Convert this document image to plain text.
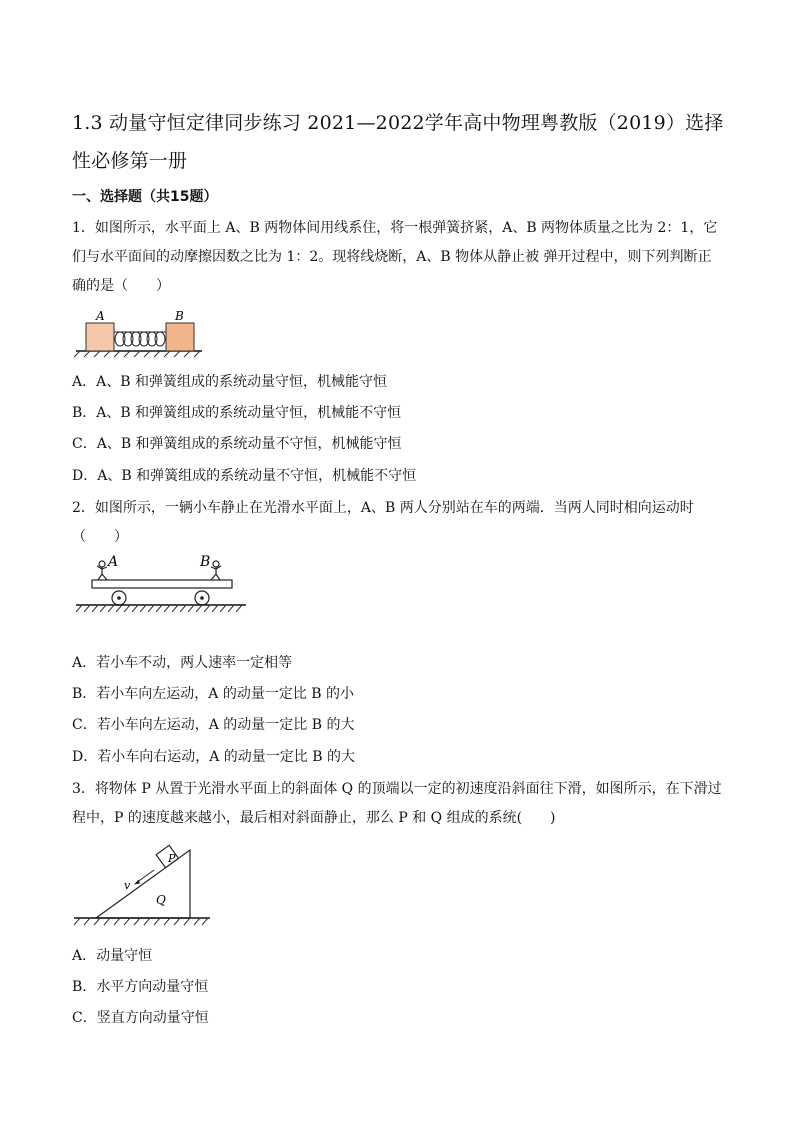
1.3 动量守恒定律同步练习 2021—2022学年高中物理粤教版（2019）选择性必修第一册
一、选择题（共15题）
1．如图所示，水平面上 A、B 两物体间用线系住，将一根弹簧挤紧，A、B 两物体质量之比为 2：1，它们与水平面间的动摩擦因数之比为 1：2。现将线烧断，A、B 物体从静止被 弹开过程中，则下列判断正确的是（　　）
A	B
A．A、B 和弹簧组成的系统动量守恒，机械能守恒
B．A、B 和弹簧组成的系统动量守恒，机械能不守恒
C．A、B 和弹簧组成的系统动量不守恒，机械能守恒
D．A、B 和弹簧组成的系统动量不守恒，机械能不守恒
2．如图所示，一辆小车静止在光滑水平面上，A、B 两人分别站在车的两端．当两人同时相向运动时（　　）
A	B
A．若小车不动，两人速率一定相等
B．若小车向左运动，A 的动量一定比 B 的小
C．若小车向左运动，A 的动量一定比 B 的大
D．若小车向右运动，A 的动量一定比 B 的大
3．将物体 P 从置于光滑水平面上的斜面体 Q 的顶端以一定的初速度沿斜面往下滑，如图所示，在下滑过程中，P 的速度越来越小，最后相对斜面静止，那么 P 和 Q 组成的系统(　　)
P
v
Q
A．动量守恒
B．水平方向动量守恒
C．竖直方向动量守恒
